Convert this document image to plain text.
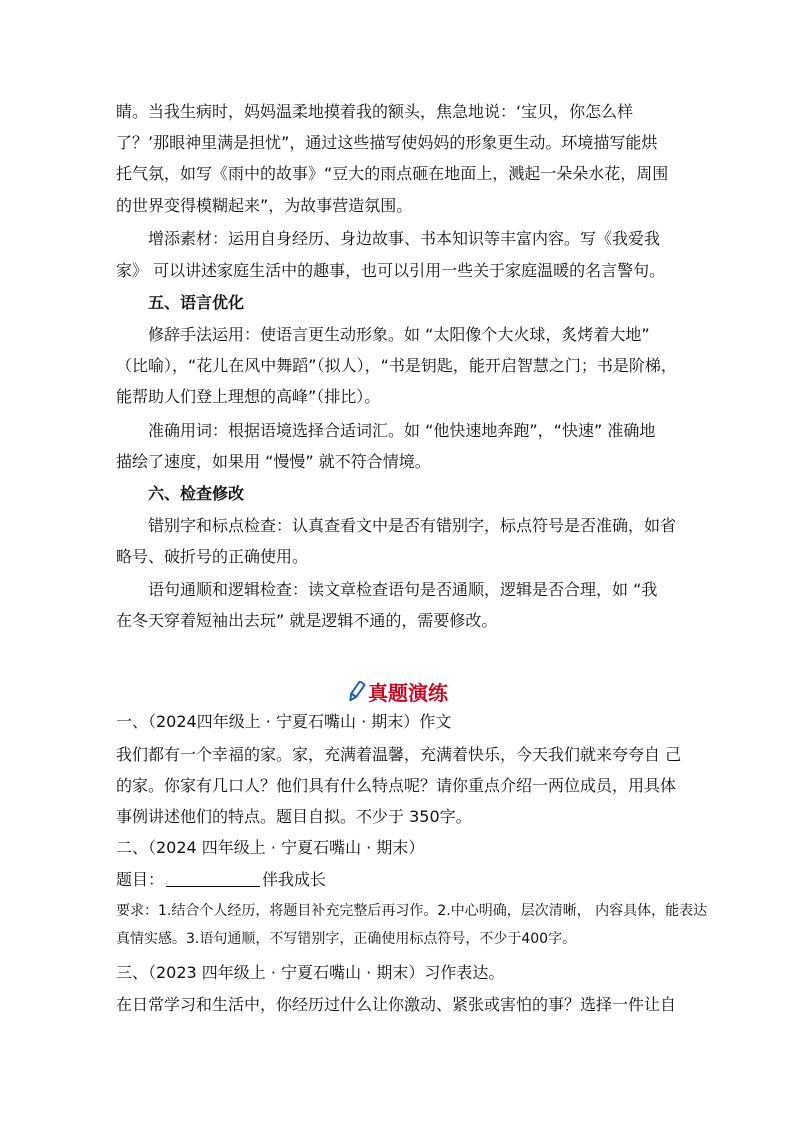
睛。当我生病时，妈妈温柔地摸着我的额头，焦急地说：‘宝贝，你怎么样
了？’那眼神里满是担忧”，通过这些描写使妈妈的形象更生动。环境描写能烘
托气氛，如写《雨中的故事》“豆大的雨点砸在地面上，溅起一朵朵水花，周围
的世界变得模糊起来”，为故事营造氛围。
增添素材：运用自身经历、身边故事、书本知识等丰富内容。写《我爱我
家》 可以讲述家庭生活中的趣事，也可以引用一些关于家庭温暖的名言警句。
五、语言优化
修辞手法运用：使语言更生动形象。如 “太阳像个大火球，炙烤着大地”
（比喻），“花儿在风中舞蹈”（拟人），“书是钥匙，能开启智慧之门；书是阶梯，
能帮助人们登上理想的高峰”（排比）。
准确用词：根据语境选择合适词汇。如 “他快速地奔跑”，“快速” 准确地
描绘了速度，如果用 “慢慢” 就不符合情境。
六、检查修改
错别字和标点检查：认真查看文中是否有错别字，标点符号是否准确，如省
略号、破折号的正确使用。
语句通顺和逻辑检查：读文章检查语句是否通顺，逻辑是否合理，如 “我
在冬天穿着短袖出去玩” 就是逻辑不通的，需要修改。
真题演练
一、（2024四年级上 · 宁夏石嘴山 · 期末）作文
我们都有一个幸福的家。家，充满着温馨，充满着快乐，今天我们就来夸夸自 己
的家。你家有几口人？他们具有什么特点呢？请你重点介绍一两位成员，用具体
事例讲述他们的特点。题目自拟。不少于 350字。
二、（2024 四年级上 · 宁夏石嘴山 · 期末）
题目：	伴我成长
要求：1.结合个人经历，将题目补充完整后再习作。2.中心明确，层次清晰， 内容具体，能表达
真情实感。3.语句通顺，不写错别字，正确使用标点符号，不少于400字。
三、（2023 四年级上 · 宁夏石嘴山 · 期末）习作表达。
在日常学习和生活中，你经历过什么让你激动、紧张或害怕的事？选择一件让自
